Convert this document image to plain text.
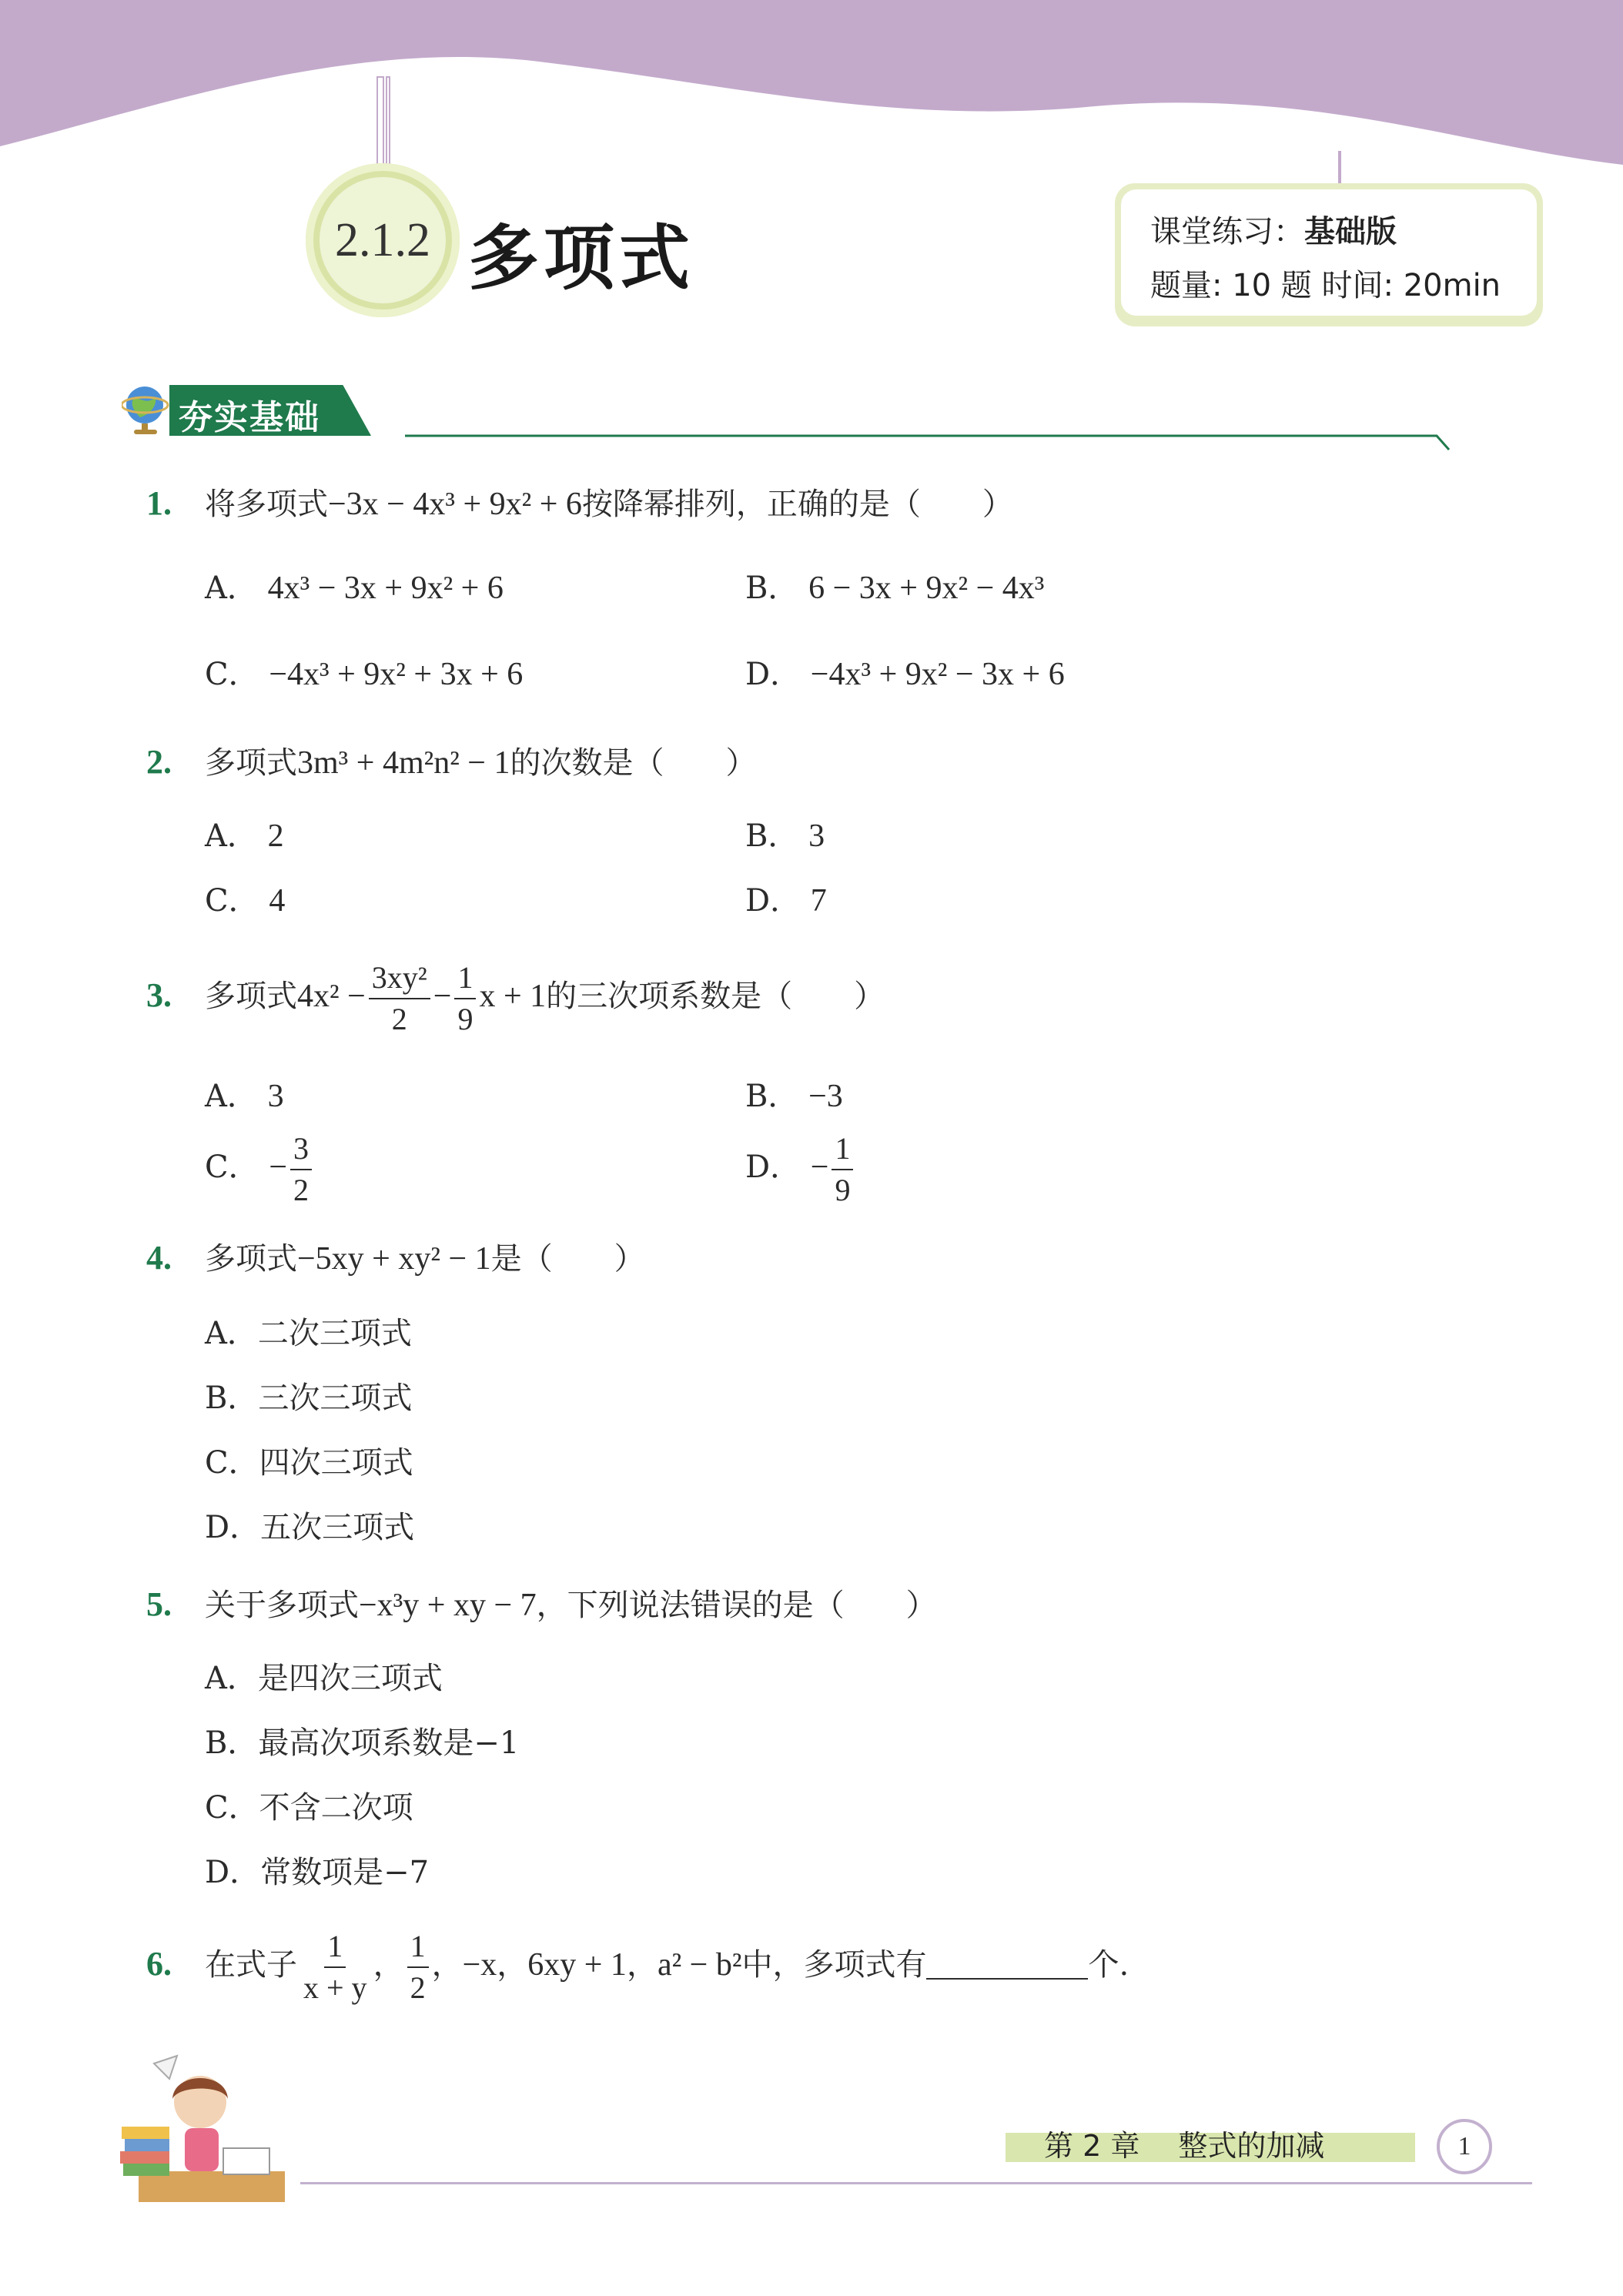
2.1.2 多项式	课堂练习：基础版
题量: 10 题 时间: 20min
夯实基础
1. 将多项式−3x − 4x³ + 9x² + 6按降幂排列，正确的是（　　）
A． 4x³ − 3x + 9x² + 6	B． 6 − 3x + 9x² − 4x³
C． −4x³ + 9x² + 3x + 6	D． −4x³ + 9x² − 3x + 6
2. 多项式3m³ + 4m²n² − 1的次数是（　　）
A． 2	B． 3
C． 4	D． 7
3. 多项式$4x^2 - \frac{\text{3xy²}}{2} - \frac{1}{9}$ x + 1的三次项系数是（　　）
A． 3	B． −3
C． − $\frac{3}{2}$	D． − $\frac{1}{9}$
4. 多项式−5xy + xy² − 1是（　　）
A．二次三项式
B．三次三项式
C．四次三项式
D．五次三项式
5. 关于多项式−x³y + xy − 7，下列说法错误的是（　　）
A．是四次三项式
B．最高次项系数是−1
C．不含二次项
D．常数项是−7
6. 在式子 $\frac{1}{x + y}$ ， $\frac{1}{2}$ ，−x，6xy + 1，a² − b²中，多项式有	个.
第 2 章　 整式的加减	1
